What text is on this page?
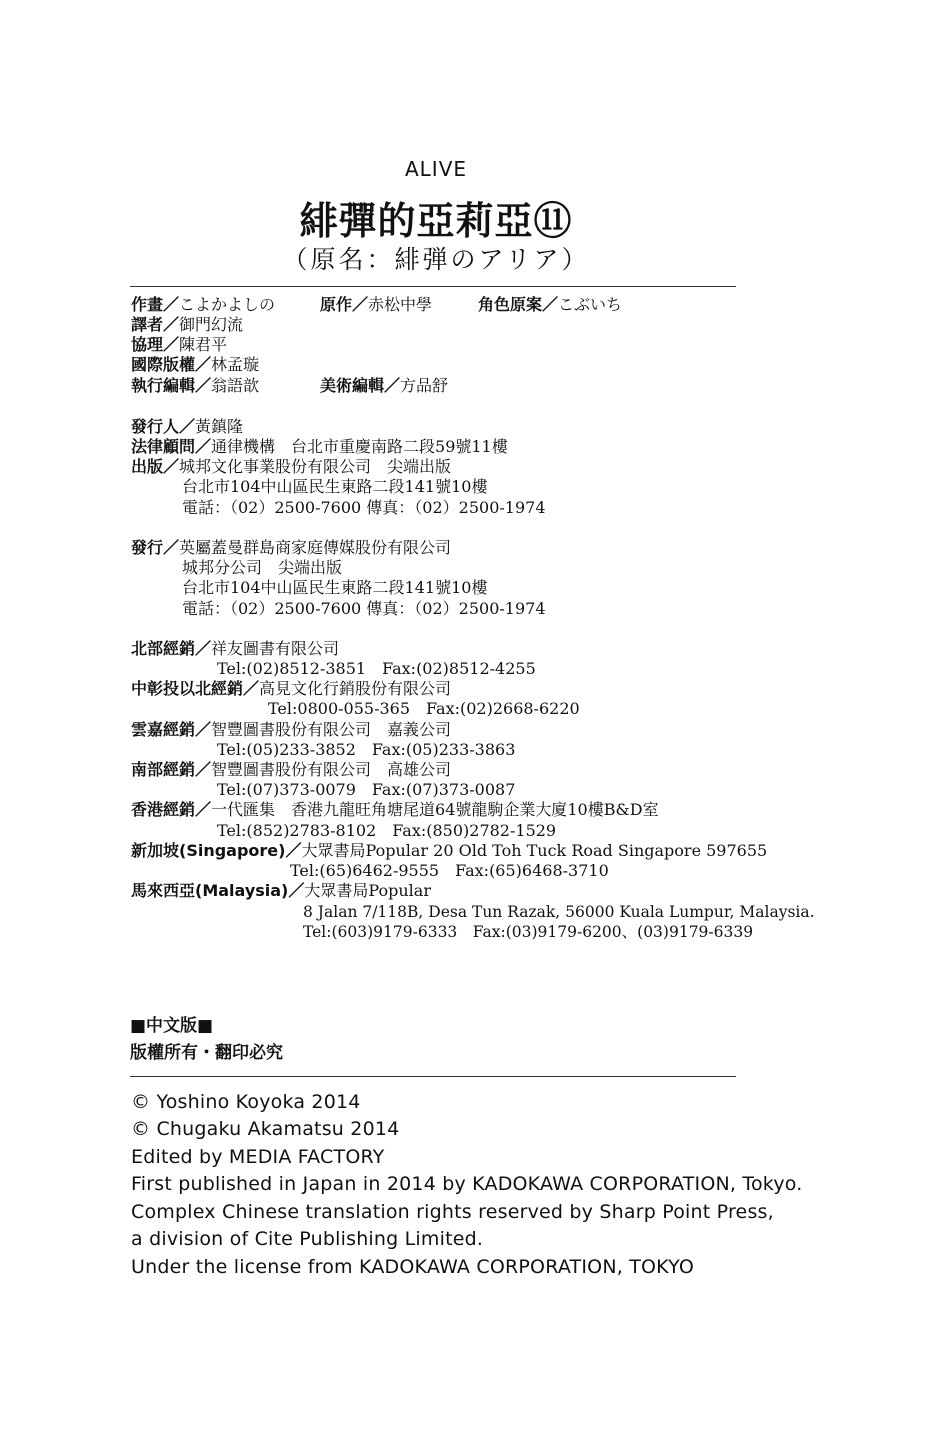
ALIVE
緋彈的亞莉亞⑪
（原名：緋弾のアリア）
作畫／こよかよしの	原作／赤松中學	角色原案／こぶいち
譯者／御門幻流
協理／陳君平
國際版權／林孟璇
執行編輯／翁語歆	美術編輯／方品舒
發行人／黃鎮隆
法律顧問／通律機構　台北市重慶南路二段59號11樓
出版／城邦文化事業股份有限公司　尖端出版
台北市104中山區民生東路二段141號10樓
電話：（02）2500-7600 傳真：（02）2500-1974
發行／英屬蓋曼群島商家庭傳媒股份有限公司
城邦分公司　尖端出版
台北市104中山區民生東路二段141號10樓
電話：（02）2500-7600 傳真：（02）2500-1974
北部經銷／祥友圖書有限公司
Tel:(02)8512-3851　Fax:(02)8512-4255
中彰投以北經銷／高見文化行銷股份有限公司
Tel:0800-055-365　Fax:(02)2668-6220
雲嘉經銷／智豐圖書股份有限公司　嘉義公司
Tel:(05)233-3852　Fax:(05)233-3863
南部經銷／智豐圖書股份有限公司　高雄公司
Tel:(07)373-0079　Fax:(07)373-0087
香港經銷／一代匯集　香港九龍旺角塘尾道64號龍駒企業大廈10樓B&D室
Tel:(852)2783-8102　Fax:(850)2782-1529
新加坡(Singapore)／大眾書局Popular 20 Old Toh Tuck Road Singapore 597655
Tel:(65)6462-9555　Fax:(65)6468-3710
馬來西亞(Malaysia)／大眾書局Popular
8 Jalan 7/118B, Desa Tun Razak, 56000 Kuala Lumpur, Malaysia.
Tel:(603)9179-6333　Fax:(03)9179-6200、(03)9179-6339
■中文版■
版權所有・翻印必究
© Yoshino Koyoka 2014
© Chugaku Akamatsu 2014
Edited by MEDIA FACTORY
First published in Japan in 2014 by KADOKAWA CORPORATION, Tokyo.
Complex Chinese translation rights reserved by Sharp Point Press,
a division of Cite Publishing Limited.
Under the license from KADOKAWA CORPORATION, TOKYO
